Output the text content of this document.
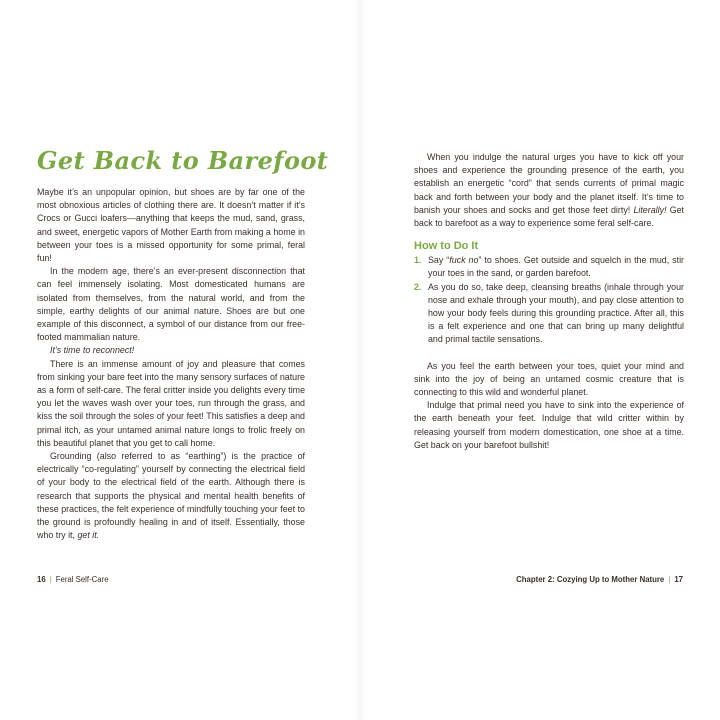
Get Back to Barefoot

Maybe it’s an unpopular opinion, but shoes are by far one of the most obnoxious articles of clothing there are. It doesn’t matter if it’s Crocs or Gucci loafers—anything that keeps the mud, sand, grass, and sweet, energetic vapors of Mother Earth from making a home in between your toes is a missed opportunity for some primal, feral fun!

In the modern age, there’s an ever-present disconnection that can feel immensely isolating. Most domesticated humans are isolated from themselves, from the natural world, and from the simple, earthy delights of our animal nature. Shoes are but one example of this disconnect, a symbol of our distance from our free-footed mammalian nature.

It’s time to reconnect!

There is an immense amount of joy and pleasure that comes from sinking your bare feet into the many sensory surfaces of nature as a form of self-care. The feral critter inside you delights every time you let the waves wash over your toes, run through the grass, and kiss the soil through the soles of your feet! This satisfies a deep and primal itch, as your untamed animal nature longs to frolic freely on this beautiful planet that you get to call home.

Grounding (also referred to as “earthing”) is the practice of electrically “co-regulating” yourself by connecting the electrical field of your body to the electrical field of the earth. Although there is research that supports the physical and mental health benefits of these practices, the felt experience of mindfully touching your feet to the ground is profoundly healing in and of itself. Essentially, those who try it, get it.

16 | Feral Self-Care

When you indulge the natural urges you have to kick off your shoes and experience the grounding presence of the earth, you establish an energetic “cord” that sends currents of primal magic back and forth between your body and the planet itself. It’s time to banish your shoes and socks and get those feet dirty! Literally! Get back to barefoot as a way to experience some feral self-care.

How to Do It
1. Say “fuck no” to shoes. Get outside and squelch in the mud, stir your toes in the sand, or garden barefoot.
2. As you do so, take deep, cleansing breaths (inhale through your nose and exhale through your mouth), and pay close attention to how your body feels during this grounding practice. After all, this is a felt experience and one that can bring up many delightful and primal tactile sensations.

As you feel the earth between your toes, quiet your mind and sink into the joy of being an untamed cosmic creature that is connecting to this wild and wonderful planet.

Indulge that primal need you have to sink into the experience of the earth beneath your feet. Indulge that wild critter within by releasing yourself from modern domestication, one shoe at a time. Get back on your barefoot bullshit!

Chapter 2: Cozying Up to Mother Nature | 17
